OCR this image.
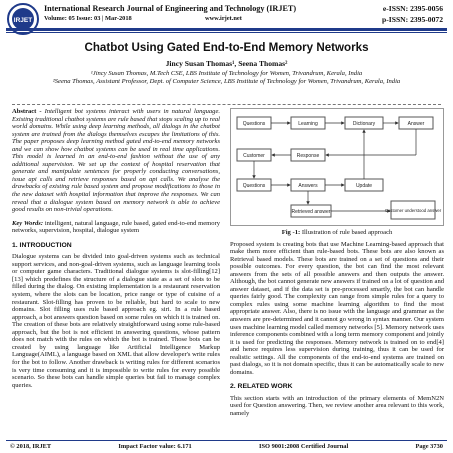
IRJET
International Research Journal of Engineering and Technology (IRJET)
Volume: 05 Issue: 03 | Mar-2018	www.irjet.net
e-ISSN: 2395-0056
p-ISSN: 2395-0072
Chatbot Using Gated End-to-End Memory Networks
Jincy Susan Thomas¹, Seena Thomas²
¹Jincy Susan Thomas, M.Tech CSE, LBS Institute of Technology for Women, Trivandrum, Kerala, India
²Seena Thomas, Assistant Professor, Dept. of Computer Science, LBS Institute of Technology for Women, Trivandrum, Kerala, India
Abstract - Intelligent bot systems interact with users in natural language. Existing traditional chatbot systems are rule based that stops scaling up to real world domains. While using deep learning methods, all dialogs in the chatbot system are trained from the dialogs themselves escapes the limitations of this. The paper proposes deep learning method gated end-to-end memory networks and we can show how chatbot systems can be used in real time applications. This model is learned in an end-to-end fashion without the use of any additional supervision. We set up the context of hospital reservation that generate and manipulate sentences for properly conducting conversations, issue api calls and retrieve responses based on api calls. We analyse the drawbacks of existing rule based system and propose modifications to those in the new dataset with hospital information that improve the responses. We can reveal that a dialogue system based on memory network is able to achieve good results on non-trivial operations.
Key Words: intelligent, natural language, rule based, gated end-to-end memory networks, supervision, hospital, dialogue system
1. INTRODUCTION

Dialogue systems can be divided into goal-driven systems such as technical support services, and non-goal-driven systems, such as language learning tools or computer game characters. Traditional dialogue systems is slot-filling[12][13] which predefines the structure of a dialogue state as a set of slots to be filled during the dialog. On existing implementation is a restaurant reservation system, where the slots can be location, price range or type of cuisine of a restaurant. Slot-filling has proven to be reliable, but hard to scale to new domains. Slot filling uses rule based approach eg. siri. In a rule based approach, a bot answers question based on some rules on which it is trained on. The creation of these bots are relatively straightforward using some rule-based approach, but the bot is not efficient in answering questions, whose pattern does not match with the rules on which the bot is trained. Those bots can be created by using language like Artificial Intelligence Markup Language(AIML), a language based on XML that allow developer's write rules for the bot to follow. Another drawback is writing rules for different scenarios is very time consuming and it is impossible to write rules for every possible scenario. So these bots can handle simple queries but fail to manage complex queries.

Questions	Learning	Dictionary	Answer
Response
Customer
Questions	Answers	Update
Retrieved answer	Customer understood answer
Fig -1: Illustration of rule based approach

Proposed system is creating bots that use Machine Learning-based approach that make them more efficient than rule-based bots. These bots are also known as Retrieval based models. These bots are trained on a set of questions and their possible outcomes. For every question, the bot can find the most relevant answers from the sets of all possible answers and then outputs the answer. Although, the bot cannot generate new answers if trained on a lot of question and answer dataset, and if the data set is pre-processed smartly, the bot can handle queries fairly good. The complexity can range from simple rules for a query to complex rules using some machine learning algorithm to find the most appropriate answer. Also, there is no issue with the language and grammar as the answers are pre-determined and it cannot go wrong in syntax manner. Our system uses machine learning model called memory networks [5]. Memory network uses inference components combined with a long term memory component and jointly it is used for predicting the responses. Memory network is trained on to end[4] and hence requires less supervision during training, thus it can be used for realistic settings. All the components of the end-to-end systems are trained on past dialogs, so it is not domain specific, thus it can be automatically scale to new domains.

2. RELATED WORK

This section starts with an introduction of the primary elements of MemN2N used for Question answering. Then, we review another area relevant to this work, namely

© 2018, IRJET	Impact Factor value: 6.171	ISO 9001:2008 Certified Journal	Page 3730
